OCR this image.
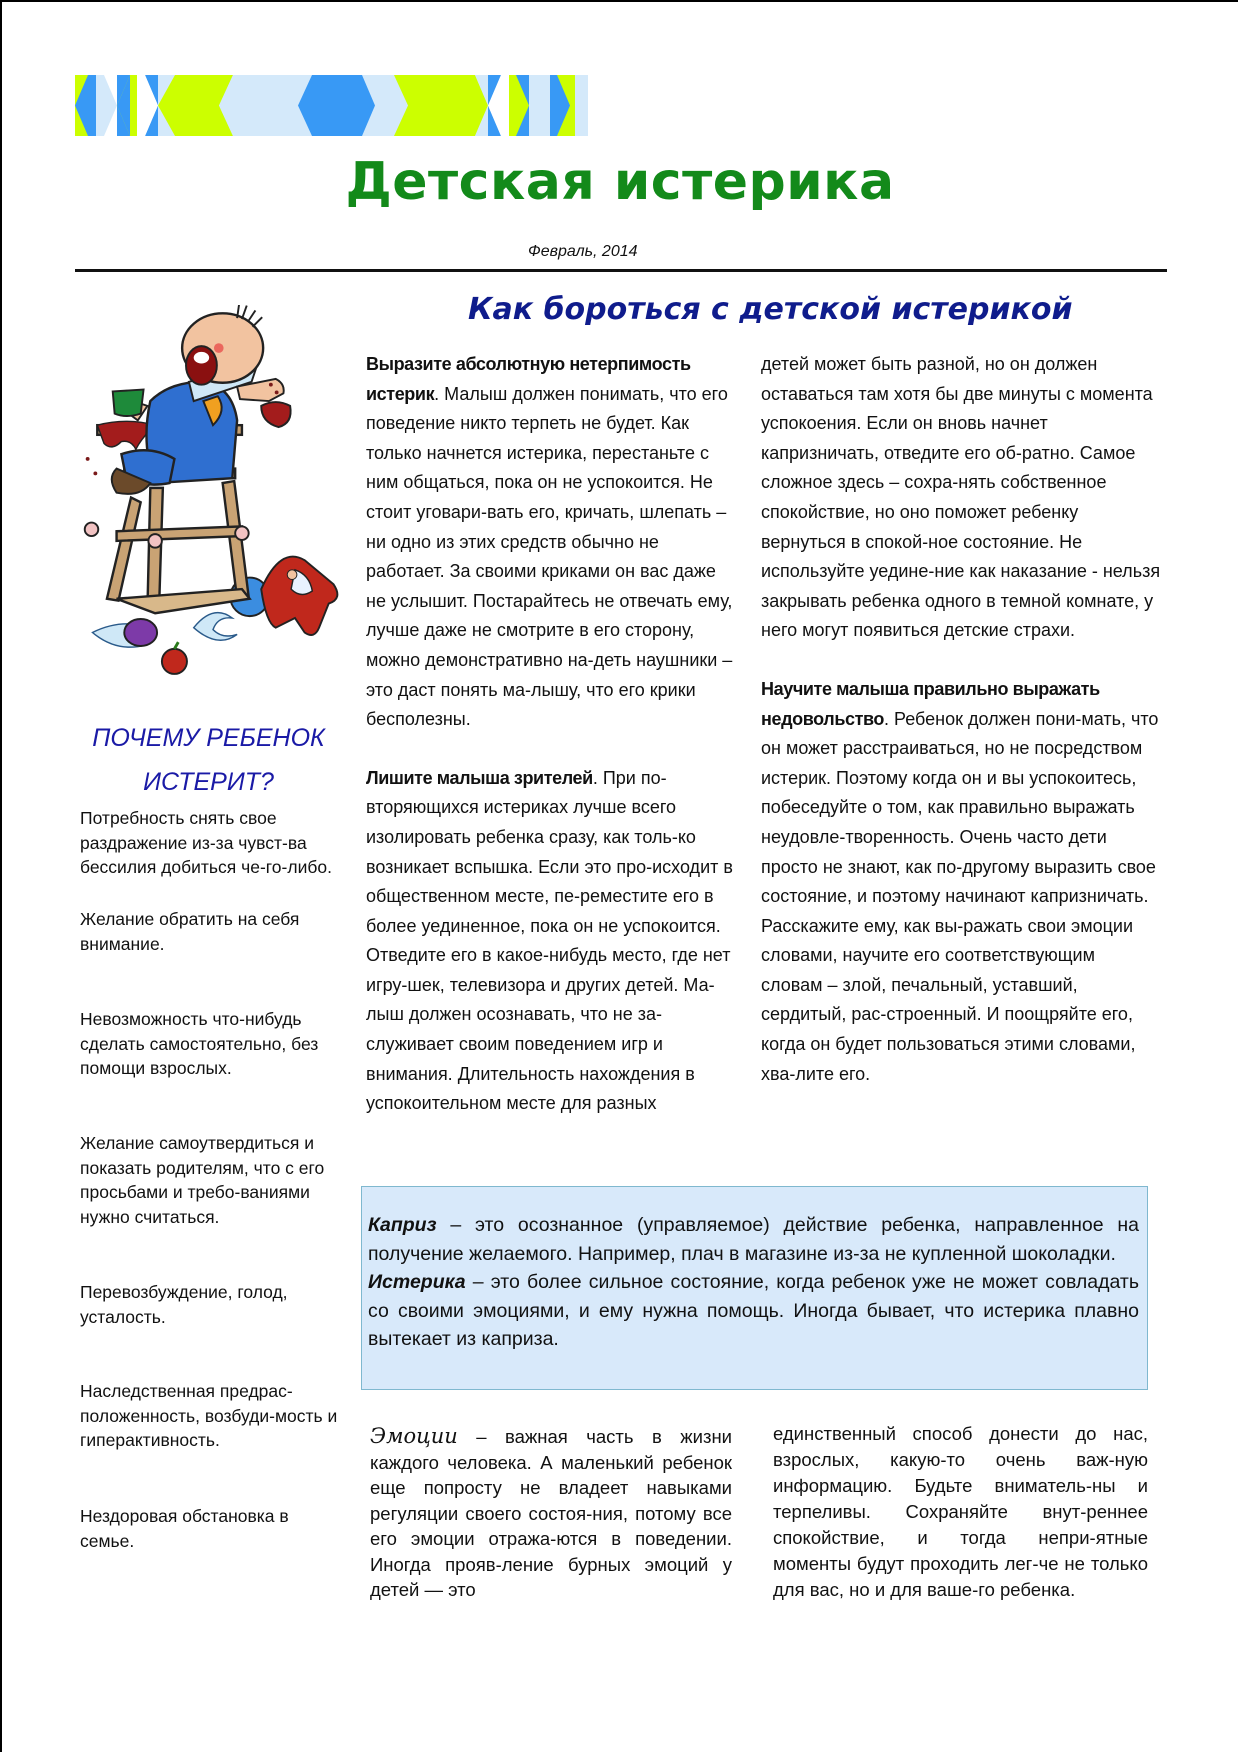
Детская истерика
Февраль, 2014
Как бороться с детской истерикой
ПОЧЕМУ РЕБЕНОК
ИСТЕРИТ?

Потребность снять свое раздражение из-за чувст-ва бессилия добиться че-го-либо.

Желание обратить на себя внимание.

Невозможность что-нибудь сделать самостоятельно, без помощи взрослых.

Желание самоутвердиться и показать родителям, что с его просьбами и требо-ваниями нужно считаться.

Перевозбуждение, голод, усталость.

Наследственная предрас-положенность, возбуди-мость и гиперактивность.

Нездоровая обстановка в семье.

Выразите абсолютную нетерпимость истерик. Малыш должен понимать, что его поведение никто терпеть не будет. Как только начнется истерика, перестаньте с ним общаться, пока он не успокоится. Не стоит уговари-вать его, кричать, шлепать – ни одно из этих средств обычно не работает. За своими криками он вас даже не услышит. Постарайтесь не отвечать ему, лучше даже не смотрите в его сторону, можно демонстративно на-деть наушники – это даст понять ма-лышу, что его крики бесполезны.

Лишите малыша зрителей. При по-вторяющихся истериках лучше всего изолировать ребенка сразу, как толь-ко возникает вспышка. Если это про-исходит в общественном месте, пе-реместите его в более уединенное, пока он не успокоится. Отведите его в какое-нибудь место, где нет игру-шек, телевизора и других детей. Ма-лыш должен осознавать, что не за-служивает своим поведением игр и внимания. Длительность нахождения в успокоительном месте для разных

детей может быть разной, но он должен оставаться там хотя бы две минуты с момента успокоения. Если он вновь начнет капризничать, отведите его об-ратно. Самое сложное здесь – сохра-нять собственное спокойствие, но оно поможет ребенку вернуться в спокой-ное состояние. Не используйте уедине-ние как наказание - нельзя закрывать ребенка одного в темной комнате, у него могут появиться детские страхи.

Научите малыша правильно выражать недовольство. Ребенок должен пони-мать, что он может расстраиваться, но не посредством истерик. Поэтому когда он и вы успокоитесь, побеседуйте о том, как правильно выражать неудовле-творенность. Очень часто дети просто не знают, как по-другому выразить свое состояние, и поэтому начинают капризничать. Расскажите ему, как вы-ражать свои эмоции словами, научите его соответствующим словам – злой, печальный, уставший, сердитый, рас-строенный. И поощряйте его, когда он будет пользоваться этими словами, хва-лите его.

Каприз – это осознанное (управляемое) действие ребенка, направленное на получение желаемого. Например, плач в магазине из-за не купленной шоколадки.

Истерика – это более сильное состояние, когда ребенок уже не может совладать со своими эмоциями, и ему нужна помощь. Иногда бывает, что истерика плавно вытекает из каприза.

Эмоции – важная часть в жизни каждого человека. А маленький ребенок еще попросту не владеет навыками регуляции своего состоя-ния, потому все его эмоции отража-ются в поведении. Иногда прояв-ление бурных эмоций у детей — это
единственный способ донести до нас, взрослых, какую-то очень важ-ную информацию. Будьте вниматель-ны и терпеливы. Сохраняйте внут-реннее спокойствие, и тогда непри-ятные моменты будут проходить лег-че не только для вас, но и для ваше-го ребенка.
